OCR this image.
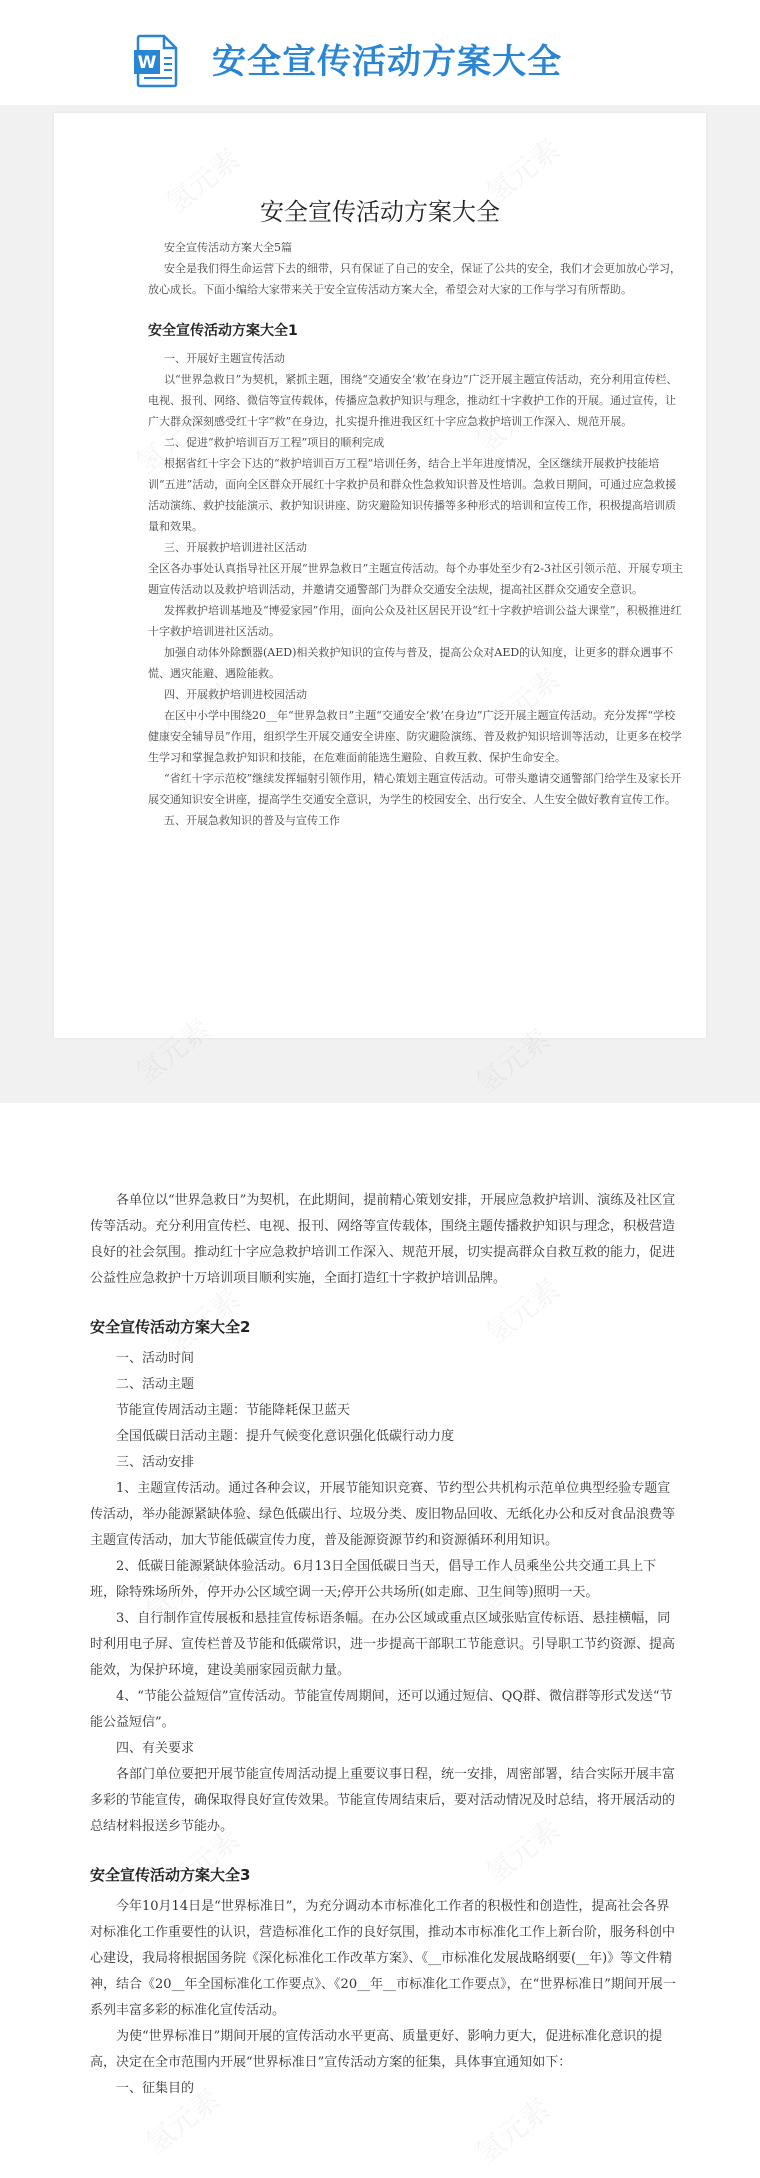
W 安全宣传活动方案大全
安全宣传活动方案大全

安全宣传活动方案大全5篇

安全是我们得生命运营下去的细带，只有保证了自己的安全，保证了公共的安全，我们才会更加放心学习，放心成长。下面小编给大家带来关于安全宣传活动方案大全，希望会对大家的工作与学习有所帮助。

安全宣传活动方案大全1

一、开展好主题宣传活动

以“世界急救日”为契机，紧抓主题，围绕“交通安全‘救’在身边”广泛开展主题宣传活动，充分利用宣传栏、电视、报刊、网络、微信等宣传载体，传播应急救护知识与理念，推动红十字救护工作的开展。通过宣传，让广大群众深刻感受红十字“救”在身边，扎实提升推进我区红十字应急救护培训工作深入、规范开展。

二、促进“救护培训百万工程”项目的顺利完成

根据省红十字会下达的“救护培训百万工程”培训任务，结合上半年进度情况，全区继续开展救护技能培训“五进”活动，面向全区群众开展红十字救护员和群众性急救知识普及性培训。急救日期间，可通过应急救援活动演练、救护技能演示、救护知识讲座、防灾避险知识传播等多种形式的培训和宣传工作，积极提高培训质量和效果。

三、开展救护培训进社区活动

全区各办事处认真指导社区开展“世界急救日”主题宣传活动。每个办事处至少有2-3社区引领示范、开展专项主题宣传活动以及救护培训活动，并邀请交通警部门为群众交通安全法规，提高社区群众交通安全意识。

发挥救护培训基地及“博爱家园”作用，面向公众及社区居民开设“红十字救护培训公益大课堂”，积极推进红十字救护培训进社区活动。

加强自动体外除颤器(AED)相关救护知识的宣传与普及，提高公众对AED的认知度，让更多的群众遇事不慌、遇灾能避、遇险能救。

四、开展救护培训进校园活动

在区中小学中围绕20__年“世界急救日”主题“交通安全‘救’在身边”广泛开展主题宣传活动。充分发挥“学校健康安全辅导员”作用，组织学生开展交通安全讲座、防灾避险演练、普及救护知识培训等活动，让更多在校学生学习和掌握急救护知识和技能，在危难面前能选生避险、自救互救、保护生命安全。

“省红十字示范校”继续发挥辐射引领作用，精心策划主题宣传活动。可带头邀请交通警部门给学生及家长开展交通知识安全讲座，提高学生交通安全意识，为学生的校园安全、出行安全、人生安全做好教育宣传工作。

五、开展急救知识的普及与宣传工作

各单位以“世界急救日”为契机，在此期间，提前精心策划安排，开展应急救护培训、演练及社区宣传等活动。充分利用宣传栏、电视、报刊、网络等宣传载体，围绕主题传播救护知识与理念，积极营造良好的社会氛围。推动红十字应急救护培训工作深入、规范开展，切实提高群众自救互救的能力，促进公益性应急救护十万培训项目顺利实施，全面打造红十字救护培训品牌。

安全宣传活动方案大全2

一、活动时间

二、活动主题

节能宣传周活动主题：节能降耗保卫蓝天

全国低碳日活动主题：提升气候变化意识强化低碳行动力度

三、活动安排

1、主题宣传活动。通过各种会议，开展节能知识竞赛、节约型公共机构示范单位典型经验专题宣传活动，举办能源紧缺体验、绿色低碳出行、垃圾分类、废旧物品回收、无纸化办公和反对食品浪费等主题宣传活动，加大节能低碳宣传力度，普及能源资源节约和资源循环利用知识。

2、低碳日能源紧缺体验活动。6月13日全国低碳日当天，倡导工作人员乘坐公共交通工具上下班，除特殊场所外，停开办公区域空调一天;停开公共场所(如走廊、卫生间等)照明一天。

3、自行制作宣传展板和悬挂宣传标语条幅。在办公区域或重点区域张贴宣传标语、悬挂横幅，同时利用电子屏、宣传栏普及节能和低碳常识，进一步提高干部职工节能意识。引导职工节约资源、提高能效，为保护环境，建设美丽家园贡献力量。

4、“节能公益短信”宣传活动。节能宣传周期间，还可以通过短信、QQ群、微信群等形式发送“节能公益短信”。

四、有关要求

各部门单位要把开展节能宣传周活动提上重要议事日程，统一安排，周密部署，结合实际开展丰富多彩的节能宣传，确保取得良好宣传效果。节能宣传周结束后，要对活动情况及时总结，将开展活动的总结材料报送乡节能办。

安全宣传活动方案大全3

今年10月14日是“世界标准日”，为充分调动本市标准化工作者的积极性和创造性，提高社会各界对标准化工作重要性的认识，营造标准化工作的良好氛围，推动本市标准化工作上新台阶，服务科创中心建设，我局将根据国务院《深化标准化工作改革方案》、《__市标准化发展战略纲要(__年)》等文件精神，结合《20__年全国标准化工作要点》、《20__年__市标准化工作要点》，在“世界标准日”期间开展一系列丰富多彩的标准化宣传活动。

为使“世界标准日”期间开展的宣传活动水平更高、质量更好、影响力更大，促进标准化意识的提高，决定在全市范围内开展“世界标准日”宣传活动方案的征集，具体事宜通知如下：

一、征集目的
